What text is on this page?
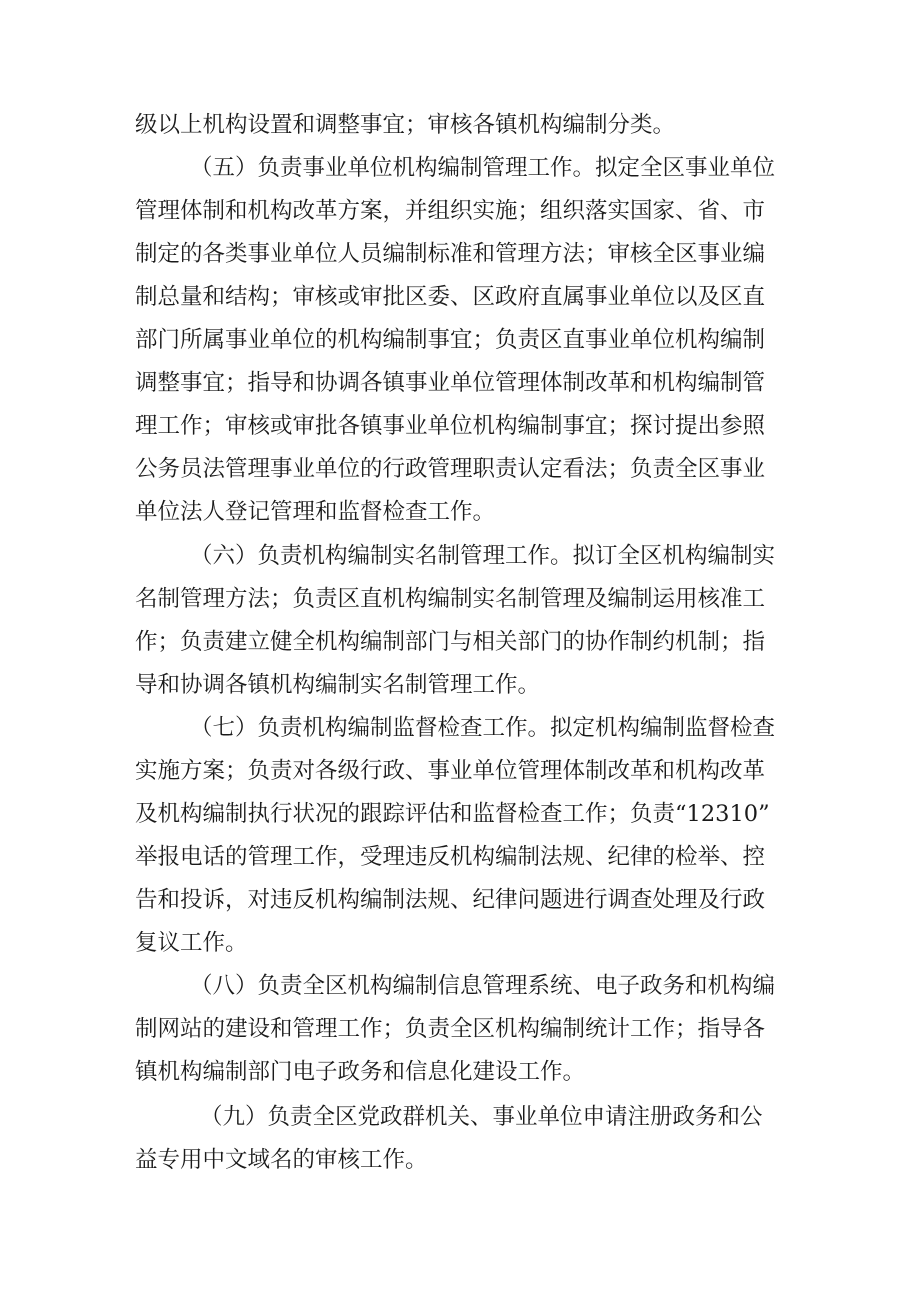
级以上机构设置和调整事宜；审核各镇机构编制分类。

（五）负责事业单位机构编制管理工作。拟定全区事业单位

管理体制和机构改革方案，并组织实施；组织落实国家、省、市

制定的各类事业单位人员编制标准和管理方法；审核全区事业编

制总量和结构；审核或审批区委、区政府直属事业单位以及区直

部门所属事业单位的机构编制事宜；负责区直事业单位机构编制

调整事宜；指导和协调各镇事业单位管理体制改革和机构编制管

理工作；审核或审批各镇事业单位机构编制事宜；探讨提出参照

公务员法管理事业单位的行政管理职责认定看法；负责全区事业

单位法人登记管理和监督检查工作。

（六）负责机构编制实名制管理工作。拟订全区机构编制实

名制管理方法；负责区直机构编制实名制管理及编制运用核准工

作；负责建立健全机构编制部门与相关部门的协作制约机制；指

导和协调各镇机构编制实名制管理工作。

（七）负责机构编制监督检查工作。拟定机构编制监督检查

实施方案；负责对各级行政、事业单位管理体制改革和机构改革

及机构编制执行状况的跟踪评估和监督检查工作；负责“12310”

举报电话的管理工作，受理违反机构编制法规、纪律的检举、控

告和投诉，对违反机构编制法规、纪律问题进行调查处理及行政

复议工作。

（八）负责全区机构编制信息管理系统、电子政务和机构编

制网站的建设和管理工作；负责全区机构编制统计工作；指导各

镇机构编制部门电子政务和信息化建设工作。

（九）负责全区党政群机关、事业单位申请注册政务和公

益专用中文域名的审核工作。
